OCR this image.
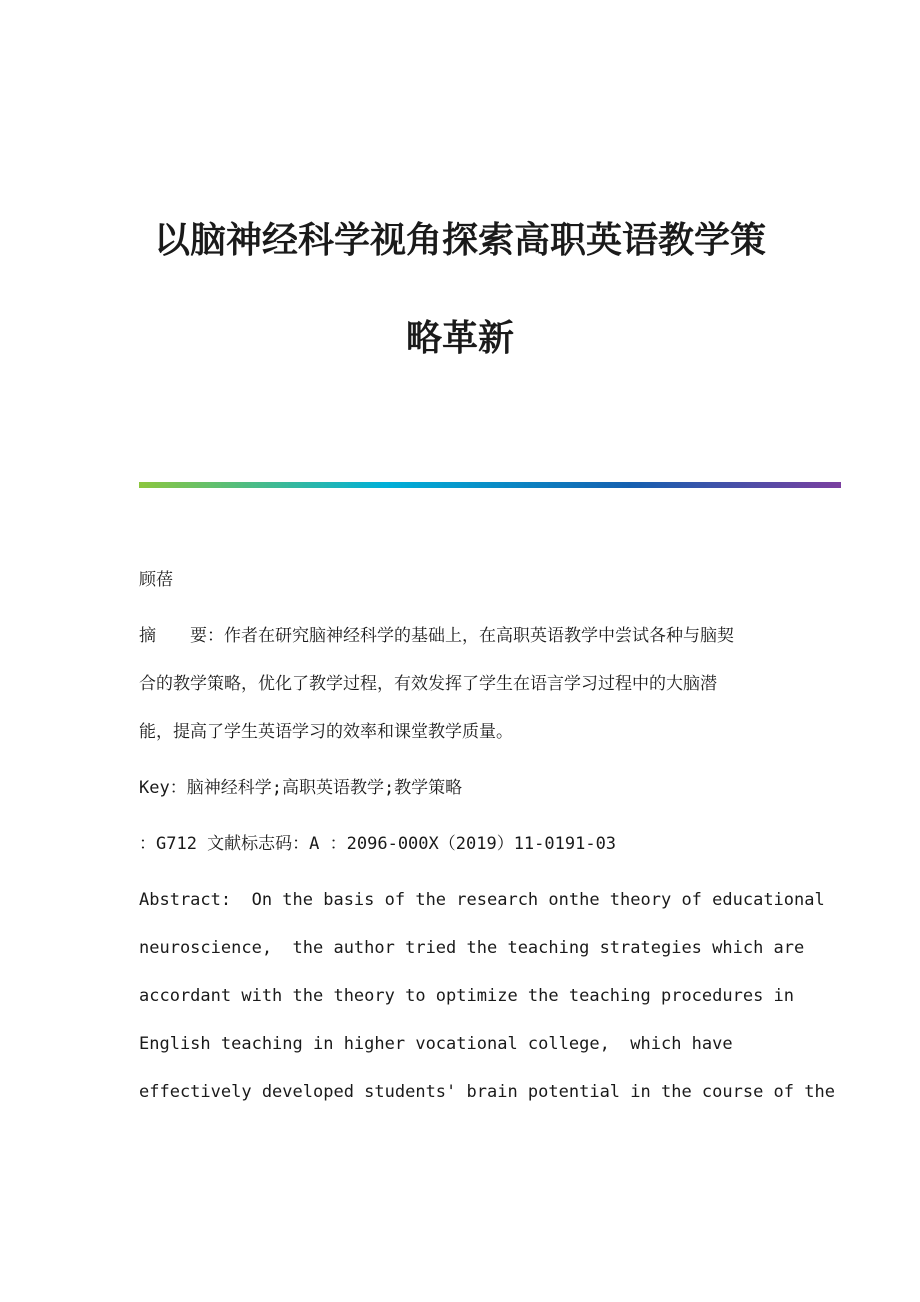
以脑神经科学视角探索高职英语教学策
略革新
顾蓓
摘　　要：作者在研究脑神经科学的基础上，在高职英语教学中尝试各种与脑契
合的教学策略，优化了教学过程，有效发挥了学生在语言学习过程中的大脑潜
能，提高了学生英语学习的效率和课堂教学质量。
Key：脑神经科学;高职英语教学;教学策略
：G712 文献标志码：A ：2096-000X（2019）11-0191-03
Abstract:  On the basis of the research onthe theory of educational
neuroscience,  the author tried the teaching strategies which are
accordant with the theory to optimize the teaching procedures in
English teaching in higher vocational college,  which have
effectively developed students' brain potential in the course of the
